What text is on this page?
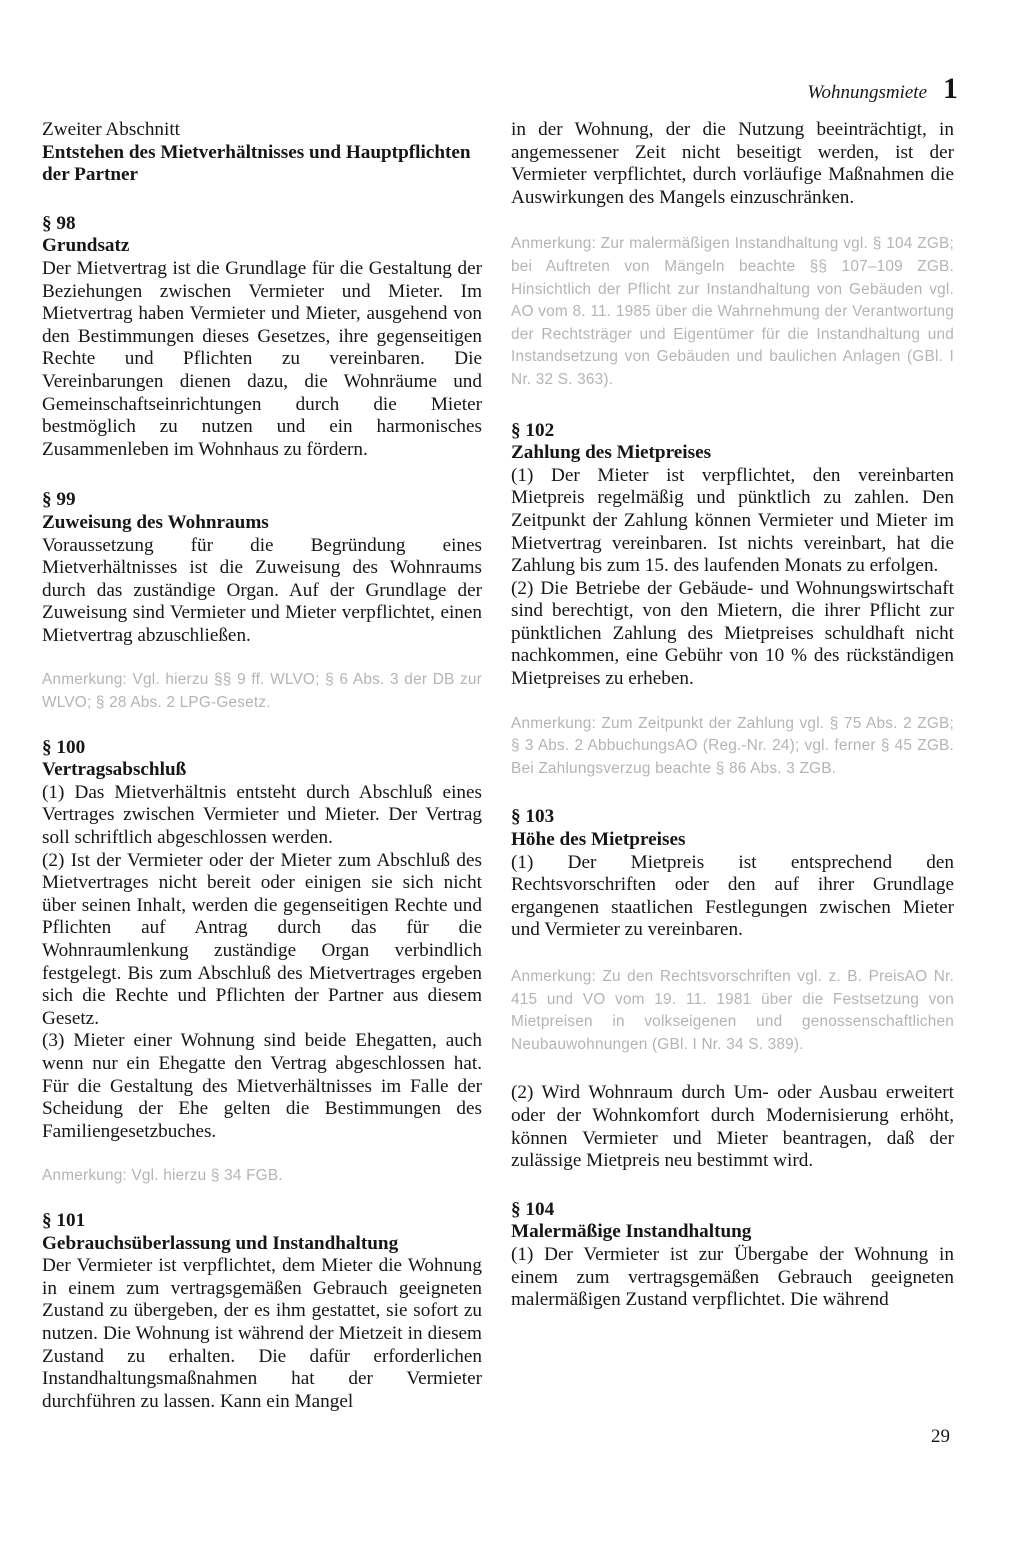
Wohnungsmiete 1

Zweiter Abschnitt

Entstehen des Mietverhältnisses und Hauptpflichten der Partner

§ 98

Grundsatz

Der Mietvertrag ist die Grundlage für die Gestaltung der Beziehungen zwischen Vermieter und Mieter. Im Mietvertrag haben Vermieter und Mieter, ausgehend von den Bestimmungen dieses Gesetzes, ihre gegenseitigen Rechte und Pflichten zu vereinbaren. Die Vereinbarungen dienen dazu, die Wohnräume und Gemeinschaftseinrichtungen durch die Mieter bestmöglich zu nutzen und ein harmonisches Zusammenleben im Wohnhaus zu fördern.

§ 99

Zuweisung des Wohnraums

Voraussetzung für die Begründung eines Mietverhältnisses ist die Zuweisung des Wohnraums durch das zuständige Organ. Auf der Grundlage der Zuweisung sind Vermieter und Mieter verpflichtet, einen Mietvertrag abzuschließen.

Anmerkung: Vgl. hierzu §§ 9 ff. WLVO; § 6 Abs. 3 der DB zur WLVO; § 28 Abs. 2 LPG-Gesetz.

§ 100

Vertragsabschluß

(1) Das Mietverhältnis entsteht durch Abschluß eines Vertrages zwischen Vermieter und Mieter. Der Vertrag soll schriftlich abgeschlossen werden.

(2) Ist der Vermieter oder der Mieter zum Abschluß des Mietvertrages nicht bereit oder einigen sie sich nicht über seinen Inhalt, werden die gegenseitigen Rechte und Pflichten auf Antrag durch das für die Wohnraumlenkung zuständige Organ verbindlich festgelegt. Bis zum Abschluß des Mietvertrages ergeben sich die Rechte und Pflichten der Partner aus diesem Gesetz.

(3) Mieter einer Wohnung sind beide Ehegatten, auch wenn nur ein Ehegatte den Vertrag abgeschlossen hat. Für die Gestaltung des Mietverhältnisses im Falle der Scheidung der Ehe gelten die Bestimmungen des Familiengesetzbuches.

Anmerkung: Vgl. hierzu § 34 FGB.

§ 101

Gebrauchsüberlassung und Instandhaltung

Der Vermieter ist verpflichtet, dem Mieter die Wohnung in einem zum vertragsgemäßen Gebrauch geeigneten Zustand zu übergeben, der es ihm gestattet, sie sofort zu nutzen. Die Wohnung ist während der Mietzeit in diesem Zustand zu erhalten. Die dafür erforderlichen Instandhaltungsmaßnahmen hat der Vermieter durchführen zu lassen. Kann ein Mangel

in der Wohnung, der die Nutzung beeinträchtigt, in angemessener Zeit nicht beseitigt werden, ist der Vermieter verpflichtet, durch vorläufige Maßnahmen die Auswirkungen des Mangels einzuschränken.

Anmerkung: Zur malermäßigen Instandhaltung vgl. § 104 ZGB; bei Auftreten von Mängeln beachte §§ 107–109 ZGB. Hinsichtlich der Pflicht zur Instandhaltung von Gebäuden vgl. AO vom 8. 11. 1985 über die Wahrnehmung der Verantwortung der Rechtsträger und Eigentümer für die Instandhaltung und Instandsetzung von Gebäuden und baulichen Anlagen (GBl. I Nr. 32 S. 363).

§ 102

Zahlung des Mietpreises

(1) Der Mieter ist verpflichtet, den vereinbarten Mietpreis regelmäßig und pünktlich zu zahlen. Den Zeitpunkt der Zahlung können Vermieter und Mieter im Mietvertrag vereinbaren. Ist nichts vereinbart, hat die Zahlung bis zum 15. des laufenden Monats zu erfolgen.

(2) Die Betriebe der Gebäude- und Wohnungswirtschaft sind berechtigt, von den Mietern, die ihrer Pflicht zur pünktlichen Zahlung des Mietpreises schuldhaft nicht nachkommen, eine Gebühr von 10 % des rückständigen Mietpreises zu erheben.

Anmerkung: Zum Zeitpunkt der Zahlung vgl. § 75 Abs. 2 ZGB; § 3 Abs. 2 AbbuchungsAO (Reg.-Nr. 24); vgl. ferner § 45 ZGB. Bei Zahlungsverzug beachte § 86 Abs. 3 ZGB.

§ 103

Höhe des Mietpreises

(1) Der Mietpreis ist entsprechend den Rechtsvorschriften oder den auf ihrer Grundlage ergangenen staatlichen Festlegungen zwischen Mieter und Vermieter zu vereinbaren.

Anmerkung: Zu den Rechtsvorschriften vgl. z. B. PreisAO Nr. 415 und VO vom 19. 11. 1981 über die Festsetzung von Mietpreisen in volkseigenen und genossenschaftlichen Neubauwohnungen (GBl. I Nr. 34 S. 389).

(2) Wird Wohnraum durch Um- oder Ausbau erweitert oder der Wohnkomfort durch Modernisierung erhöht, können Vermieter und Mieter beantragen, daß der zulässige Mietpreis neu bestimmt wird.

§ 104

Malermäßige Instandhaltung

(1) Der Vermieter ist zur Übergabe der Wohnung in einem zum vertragsgemäßen Gebrauch geeigneten malermäßigen Zustand verpflichtet. Die während

29
